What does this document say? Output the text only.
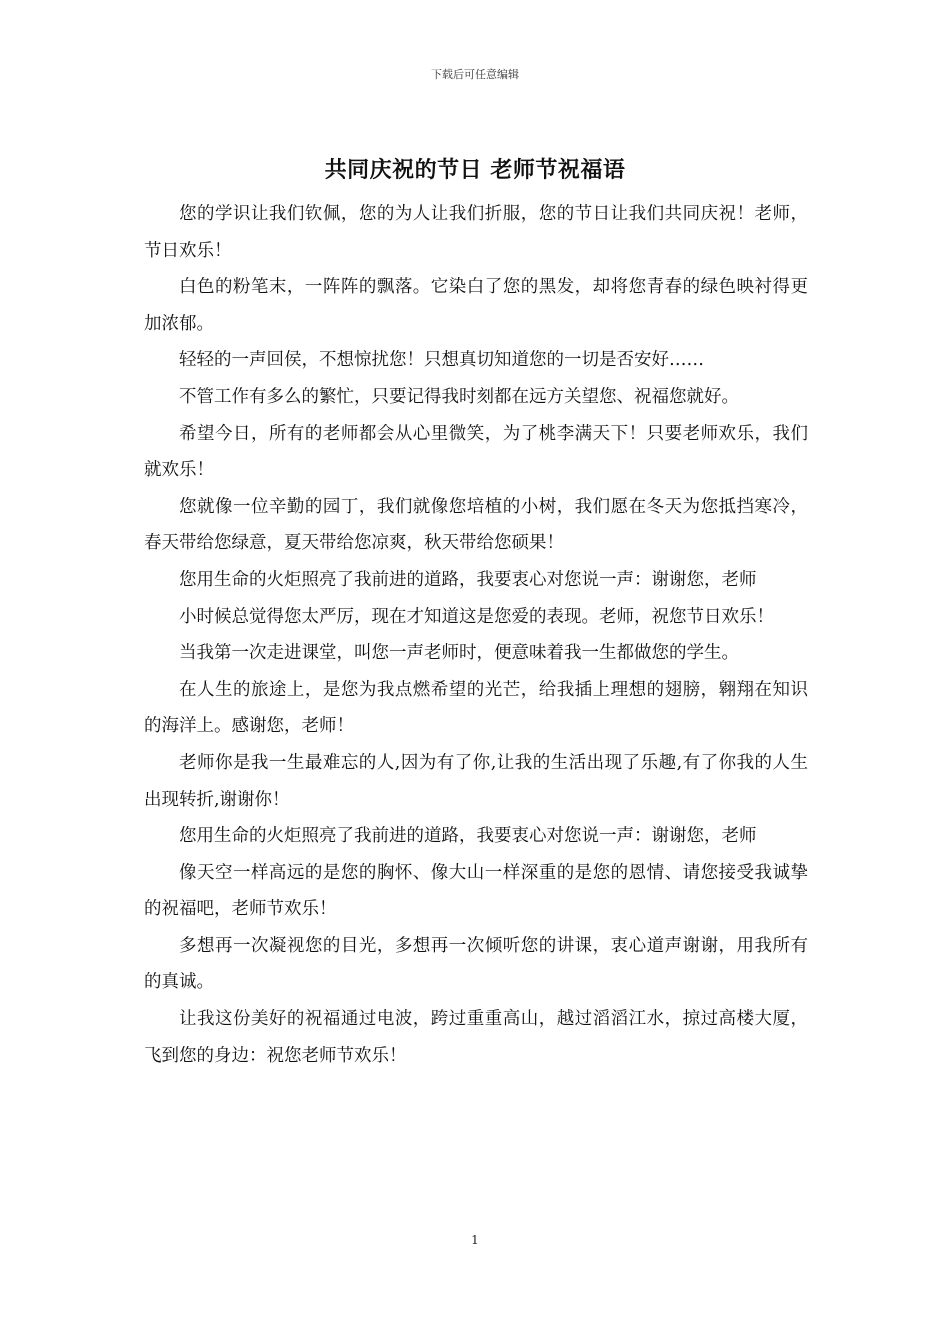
下载后可任意编辑
共同庆祝的节日 老师节祝福语

您的学识让我们钦佩，您的为人让我们折服，您的节日让我们共同庆祝！老师，节日欢乐！

白色的粉笔末，一阵阵的飘落。它染白了您的黑发，却将您青春的绿色映衬得更加浓郁。

轻轻的一声回侯，不想惊扰您！只想真切知道您的一切是否安好……

不管工作有多么的繁忙，只要记得我时刻都在远方关望您、祝福您就好。

希望今日，所有的老师都会从心里微笑，为了桃李满天下！只要老师欢乐，我们就欢乐！

您就像一位辛勤的园丁，我们就像您培植的小树，我们愿在冬天为您抵挡寒冷，春天带给您绿意，夏天带给您凉爽，秋天带给您硕果！

您用生命的火炬照亮了我前进的道路，我要衷心对您说一声：谢谢您，老师

小时候总觉得您太严厉，现在才知道这是您爱的表现。老师，祝您节日欢乐！

当我第一次走进课堂，叫您一声老师时，便意味着我一生都做您的学生。

在人生的旅途上，是您为我点燃希望的光芒，给我插上理想的翅膀，翱翔在知识的海洋上。感谢您，老师！

老师你是我一生最难忘的人,因为有了你,让我的生活出现了乐趣,有了你我的人生出现转折,谢谢你！

您用生命的火炬照亮了我前进的道路，我要衷心对您说一声：谢谢您，老师

像天空一样高远的是您的胸怀、像大山一样深重的是您的恩情、请您接受我诚挚的祝福吧，老师节欢乐！

多想再一次凝视您的目光，多想再一次倾听您的讲课，衷心道声谢谢，用我所有的真诚。

让我这份美好的祝福通过电波，跨过重重高山，越过滔滔江水，掠过高楼大厦，飞到您的身边：祝您老师节欢乐！

1
